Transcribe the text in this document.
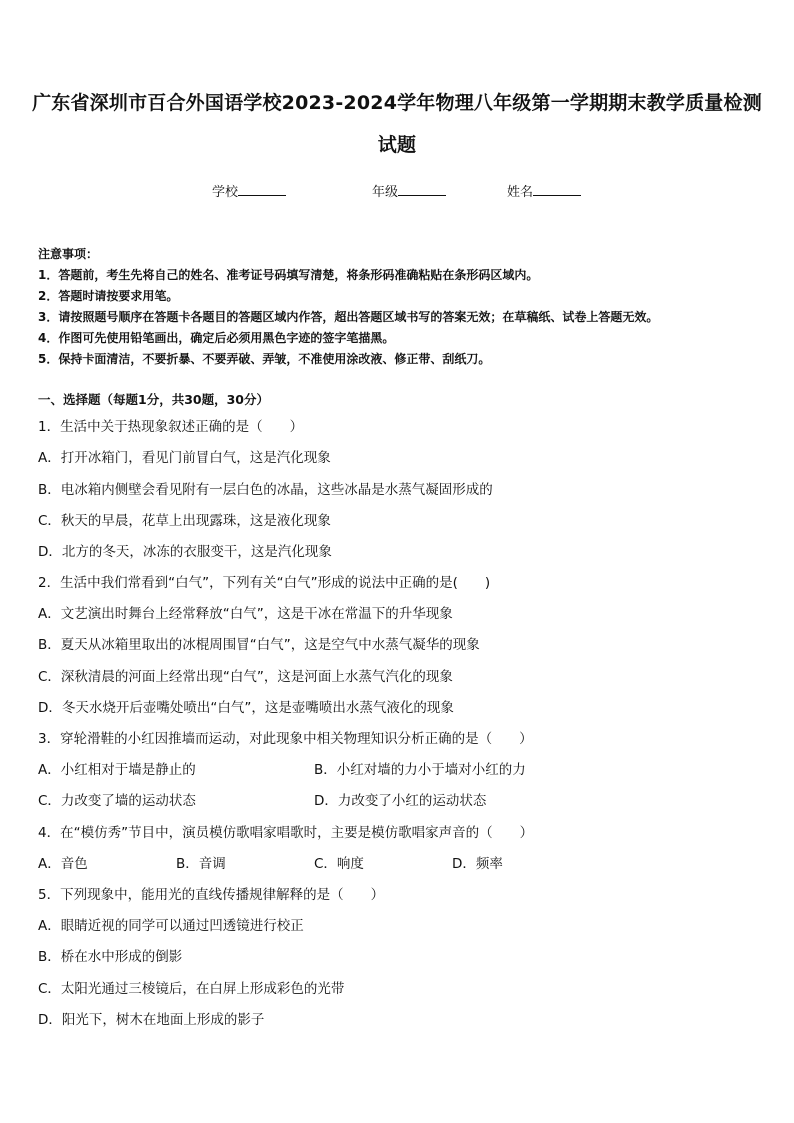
广东省深圳市百合外国语学校2023-2024学年物理八年级第一学期期末教学质量检测
试题
学校	年级	姓名
注意事项：
1．答题前，考生先将自己的姓名、准考证号码填写清楚，将条形码准确粘贴在条形码区域内。
2．答题时请按要求用笔。
3．请按照题号顺序在答题卡各题目的答题区域内作答，超出答题区域书写的答案无效；在草稿纸、试卷上答题无效。
4．作图可先使用铅笔画出，确定后必须用黑色字迹的签字笔描黑。
5．保持卡面清洁，不要折暴、不要弄破、弄皱，不准使用涂改液、修正带、刮纸刀。
一、选择题（每题1分，共30题，30分）
1．生活中关于热现象叙述正确的是（　　）
A．打开冰箱门，看见门前冒白气，这是汽化现象
B．电冰箱内侧壁会看见附有一层白色的冰晶，这些冰晶是水蒸气凝固形成的
C．秋天的早晨，花草上出现露珠，这是液化现象
D．北方的冬天，冰冻的衣服变干，这是汽化现象
2．生活中我们常看到“白气”，下列有关“白气”形成的说法中正确的是(　　)
A．文艺演出时舞台上经常释放“白气”，这是干冰在常温下的升华现象
B．夏天从冰箱里取出的冰棍周围冒“白气”，这是空气中水蒸气凝华的现象
C．深秋清晨的河面上经常出现“白气”，这是河面上水蒸气汽化的现象
D．冬天水烧开后壶嘴处喷出“白气”，这是壶嘴喷出水蒸气液化的现象
3．穿轮滑鞋的小红因推墙而运动，对此现象中相关物理知识分析正确的是（　　）
A．小红相对于墙是静止的	B．小红对墙的力小于墙对小红的力
C．力改变了墙的运动状态	D．力改变了小红的运动状态
4．在“模仿秀”节目中，演员模仿歌唱家唱歌时，主要是模仿歌唱家声音的（　　）
A．音色	B．音调	C．响度	D．频率
5．下列现象中，能用光的直线传播规律解释的是（　　）
A．眼睛近视的同学可以通过凹透镜进行校正
B．桥在水中形成的倒影
C．太阳光通过三棱镜后，在白屏上形成彩色的光带
D．阳光下，树木在地面上形成的影子
